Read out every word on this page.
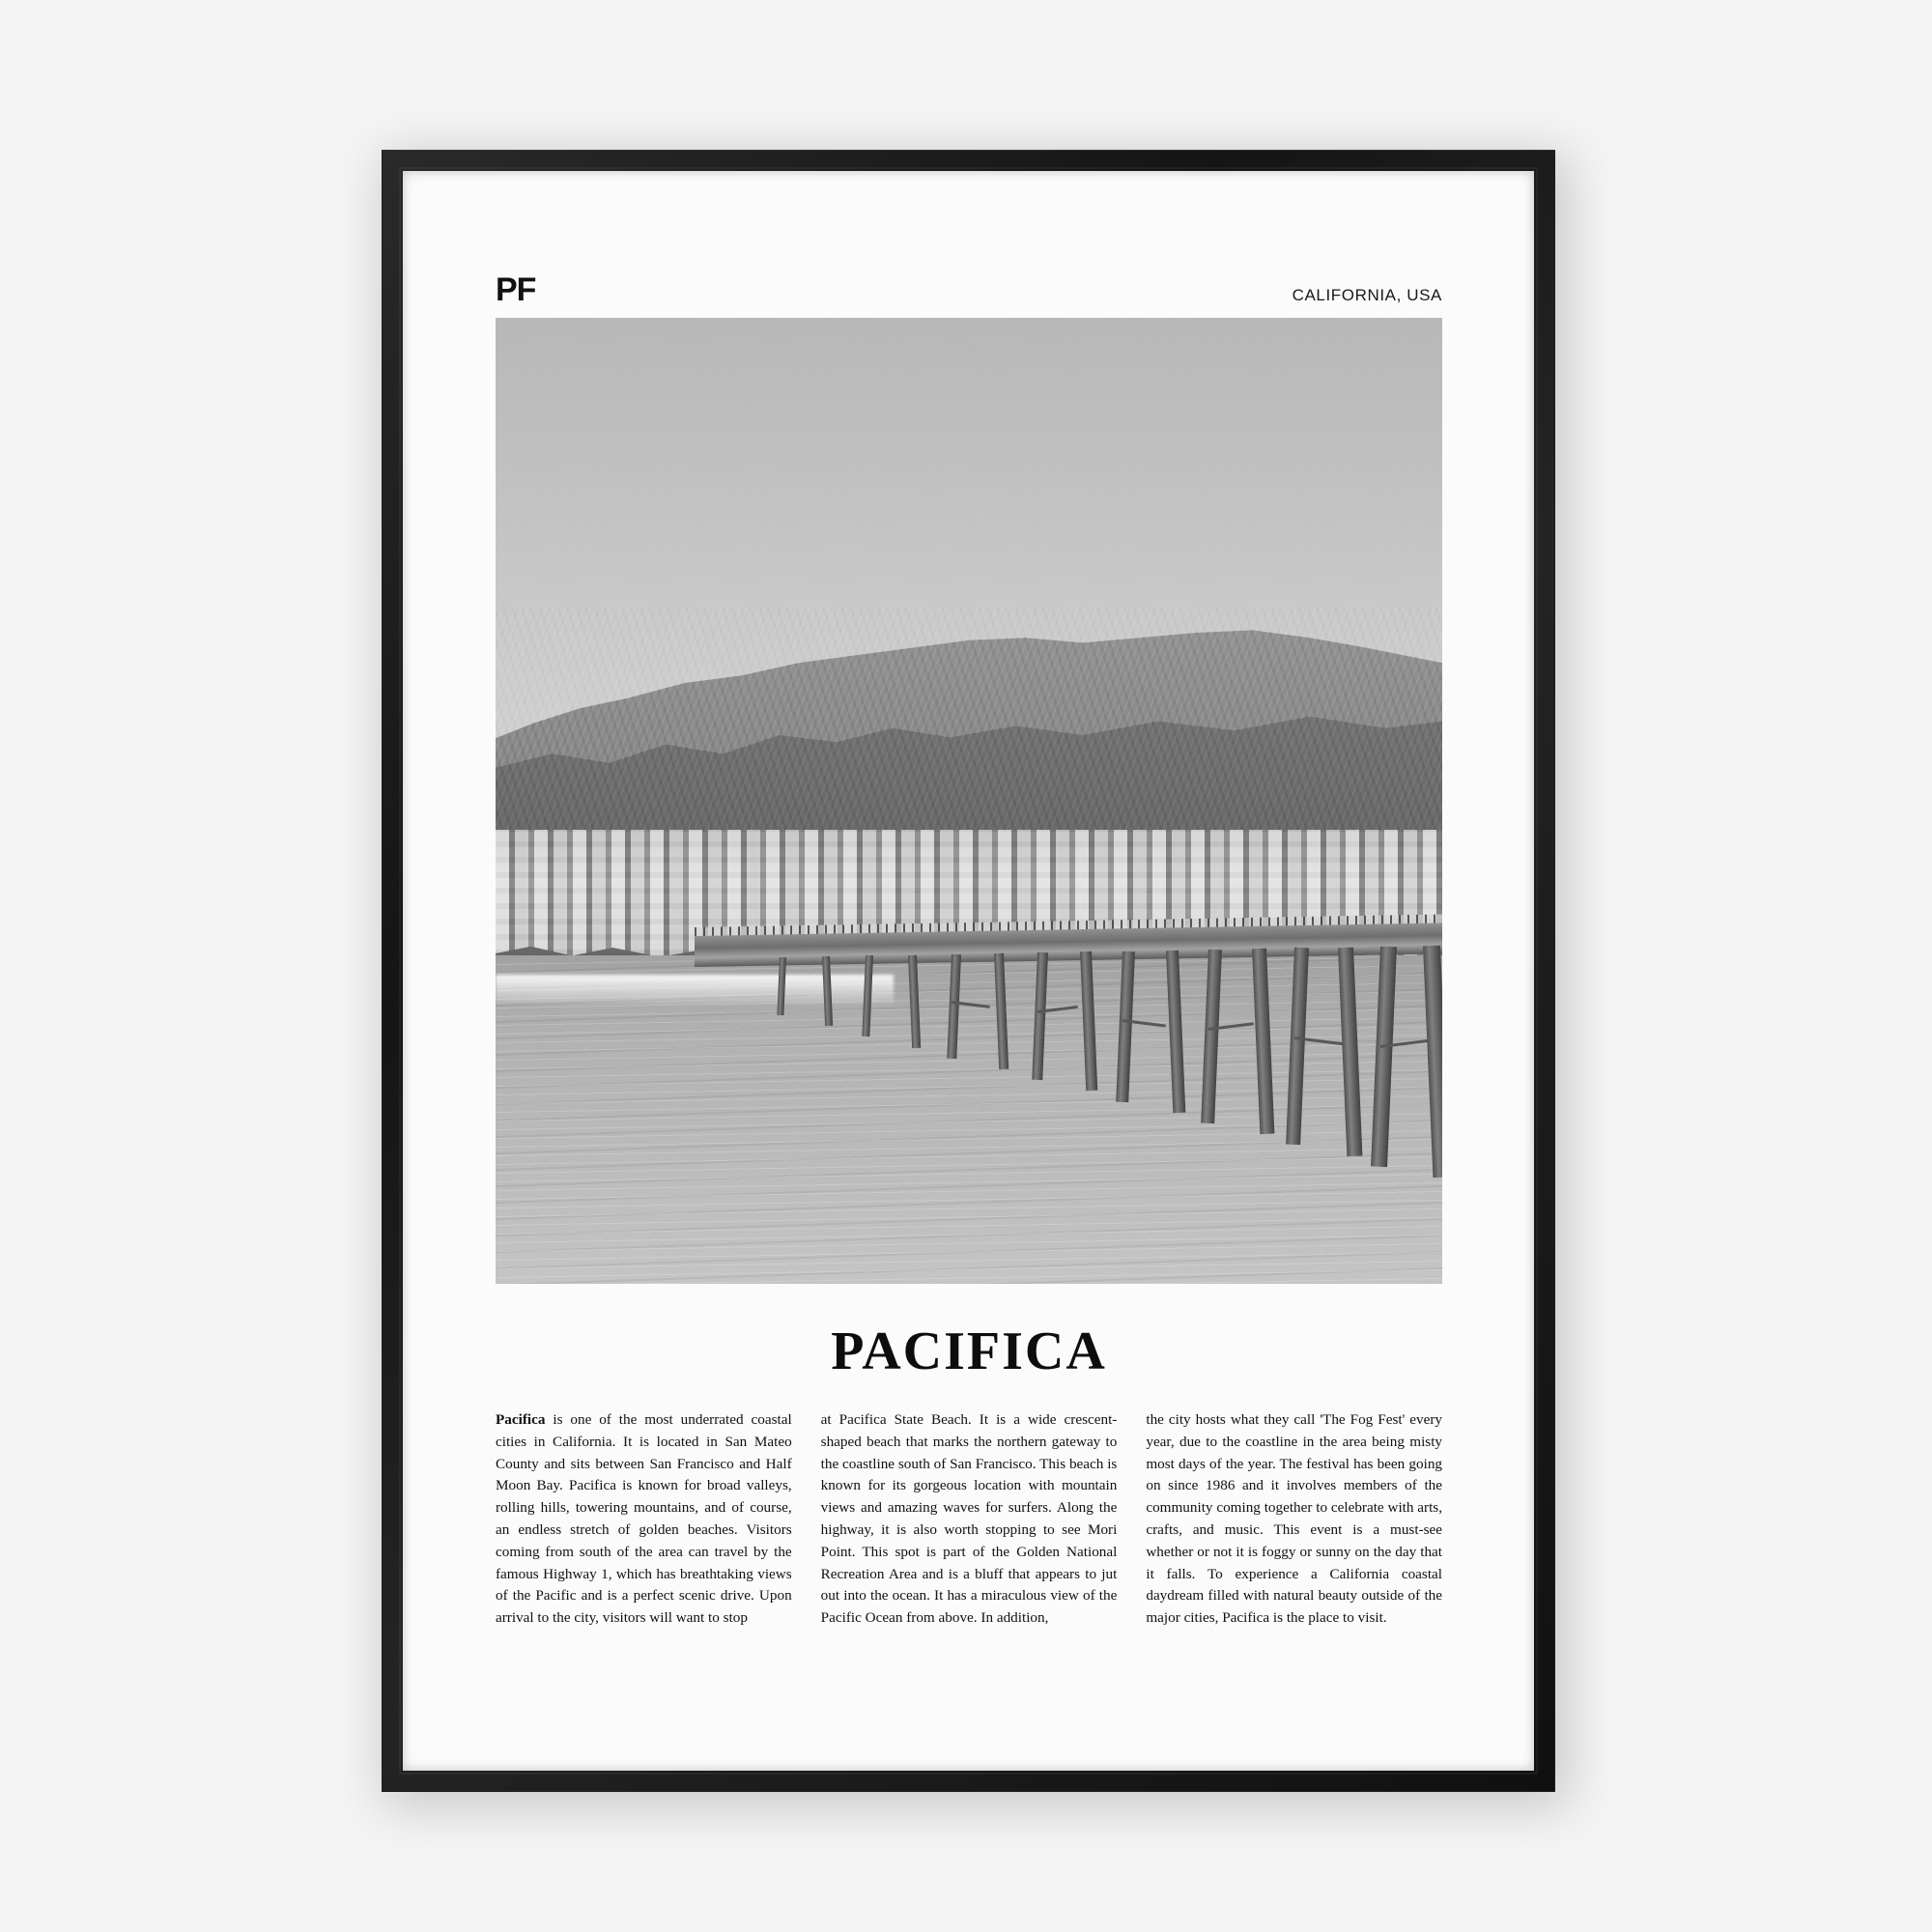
PF	CALIFORNIA, USA
PACIFICA
Pacifica is one of the most underrated coastal cities in California. It is located in San Mateo County and sits between San Francisco and Half Moon Bay. Pacifica is known for broad valleys, rolling hills, towering mountains, and of course, an endless stretch of golden beaches. Visitors coming from south of the area can travel by the famous Highway 1, which has breathtaking views of the Pacific and is a perfect scenic drive. Upon arrival to the city, visitors will want to stop
at Pacifica State Beach. It is a wide crescent-shaped beach that marks the northern gateway to the coastline south of San Francisco. This beach is known for its gorgeous location with mountain views and amazing waves for surfers. Along the highway, it is also worth stopping to see Mori Point. This spot is part of the Golden National Recreation Area and is a bluff that appears to jut out into the ocean. It has a miraculous view of the Pacific Ocean from above. In addition,
the city hosts what they call 'The Fog Fest' every year, due to the coastline in the area being misty most days of the year. The festival has been going on since 1986 and it involves members of the community coming together to celebrate with arts, crafts, and music. This event is a must-see whether or not it is foggy or sunny on the day that it falls. To experience a California coastal daydream filled with natural beauty outside of the major cities, Pacifica is the place to visit.
